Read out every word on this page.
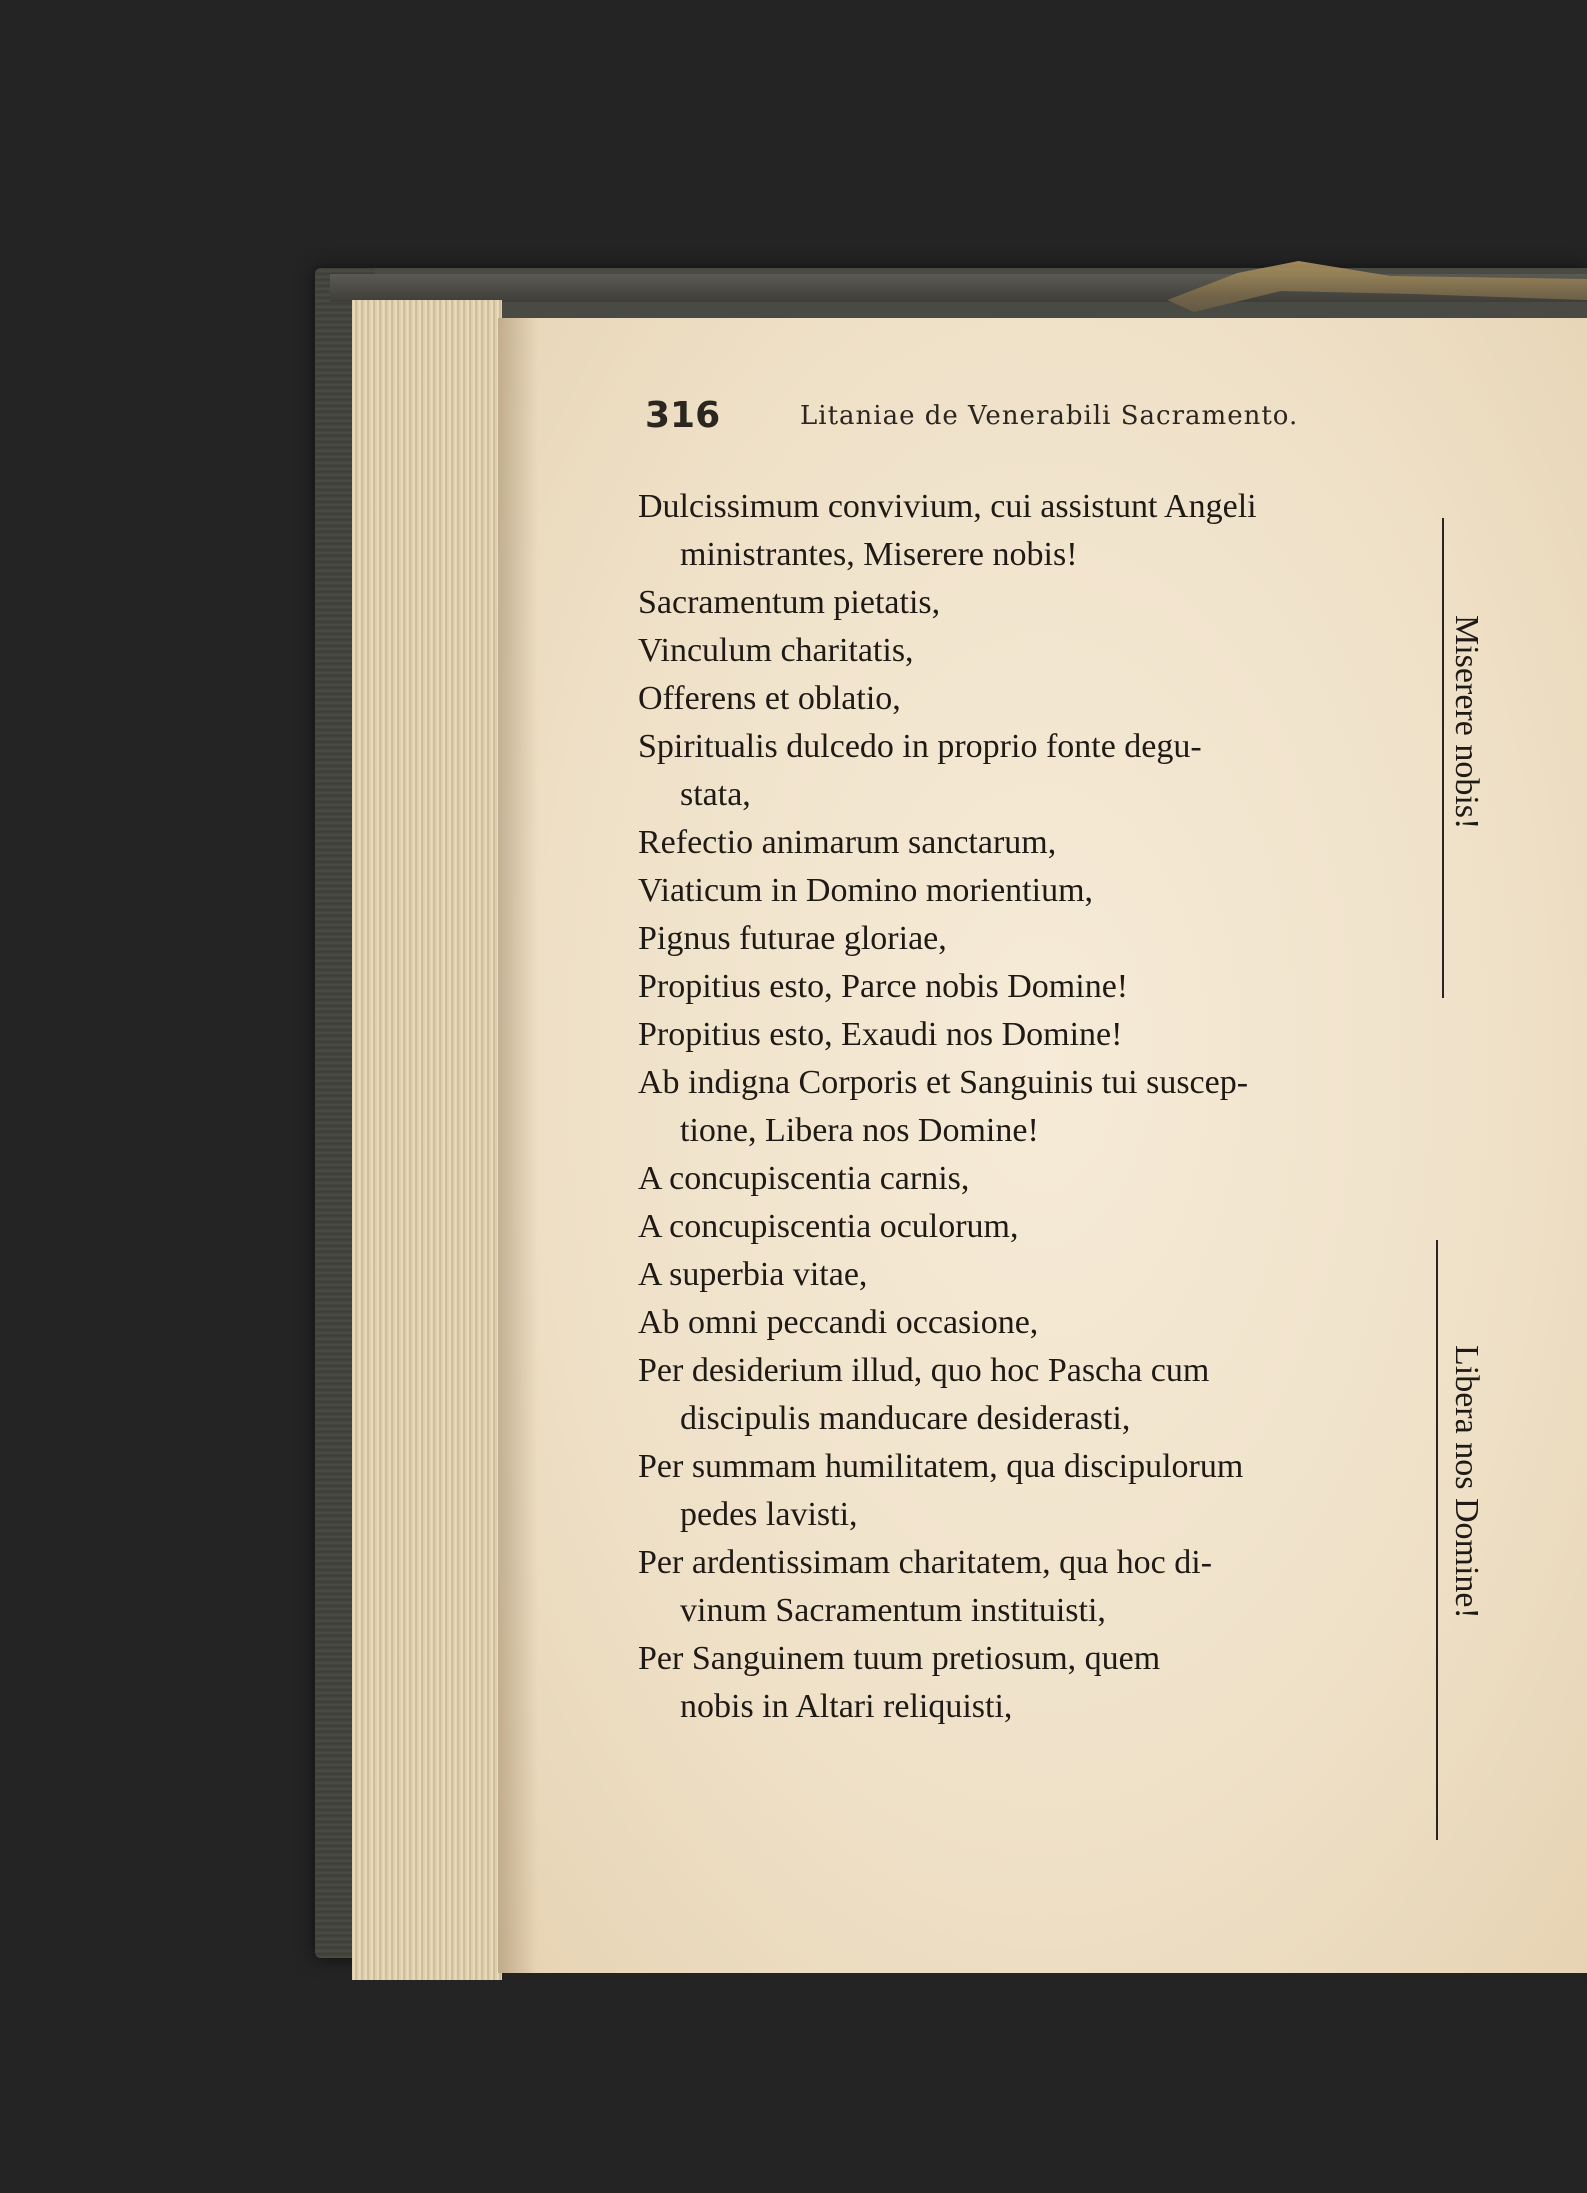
316	Litaniae de Venerabili Sacramento.
Dulcissimum convivium, cui assistunt Angeli
ministrantes, Miserere nobis!
Sacramentum pietatis,
Vinculum charitatis,
Offerens et oblatio,
Spiritualis dulcedo in proprio fonte degu-
stata,
Refectio animarum sanctarum,
Viaticum in Domino morientium,
Pignus futurae gloriae,
Propitius esto, Parce nobis Domine!
Propitius esto, Exaudi nos Domine!
Ab indigna Corporis et Sanguinis tui suscep-
tione, Libera nos Domine!
A concupiscentia carnis,
A concupiscentia oculorum,
A superbia vitae,
Ab omni peccandi occasione,
Per desiderium illud, quo hoc Pascha cum
discipulis manducare desiderasti,
Per summam humilitatem, qua discipulorum
pedes lavisti,
Per ardentissimam charitatem, qua hoc di-
vinum Sacramentum instituisti,
Per Sanguinem tuum pretiosum, quem
nobis in Altari reliquisti,
Miserere nobis!
Libera nos Domine!
